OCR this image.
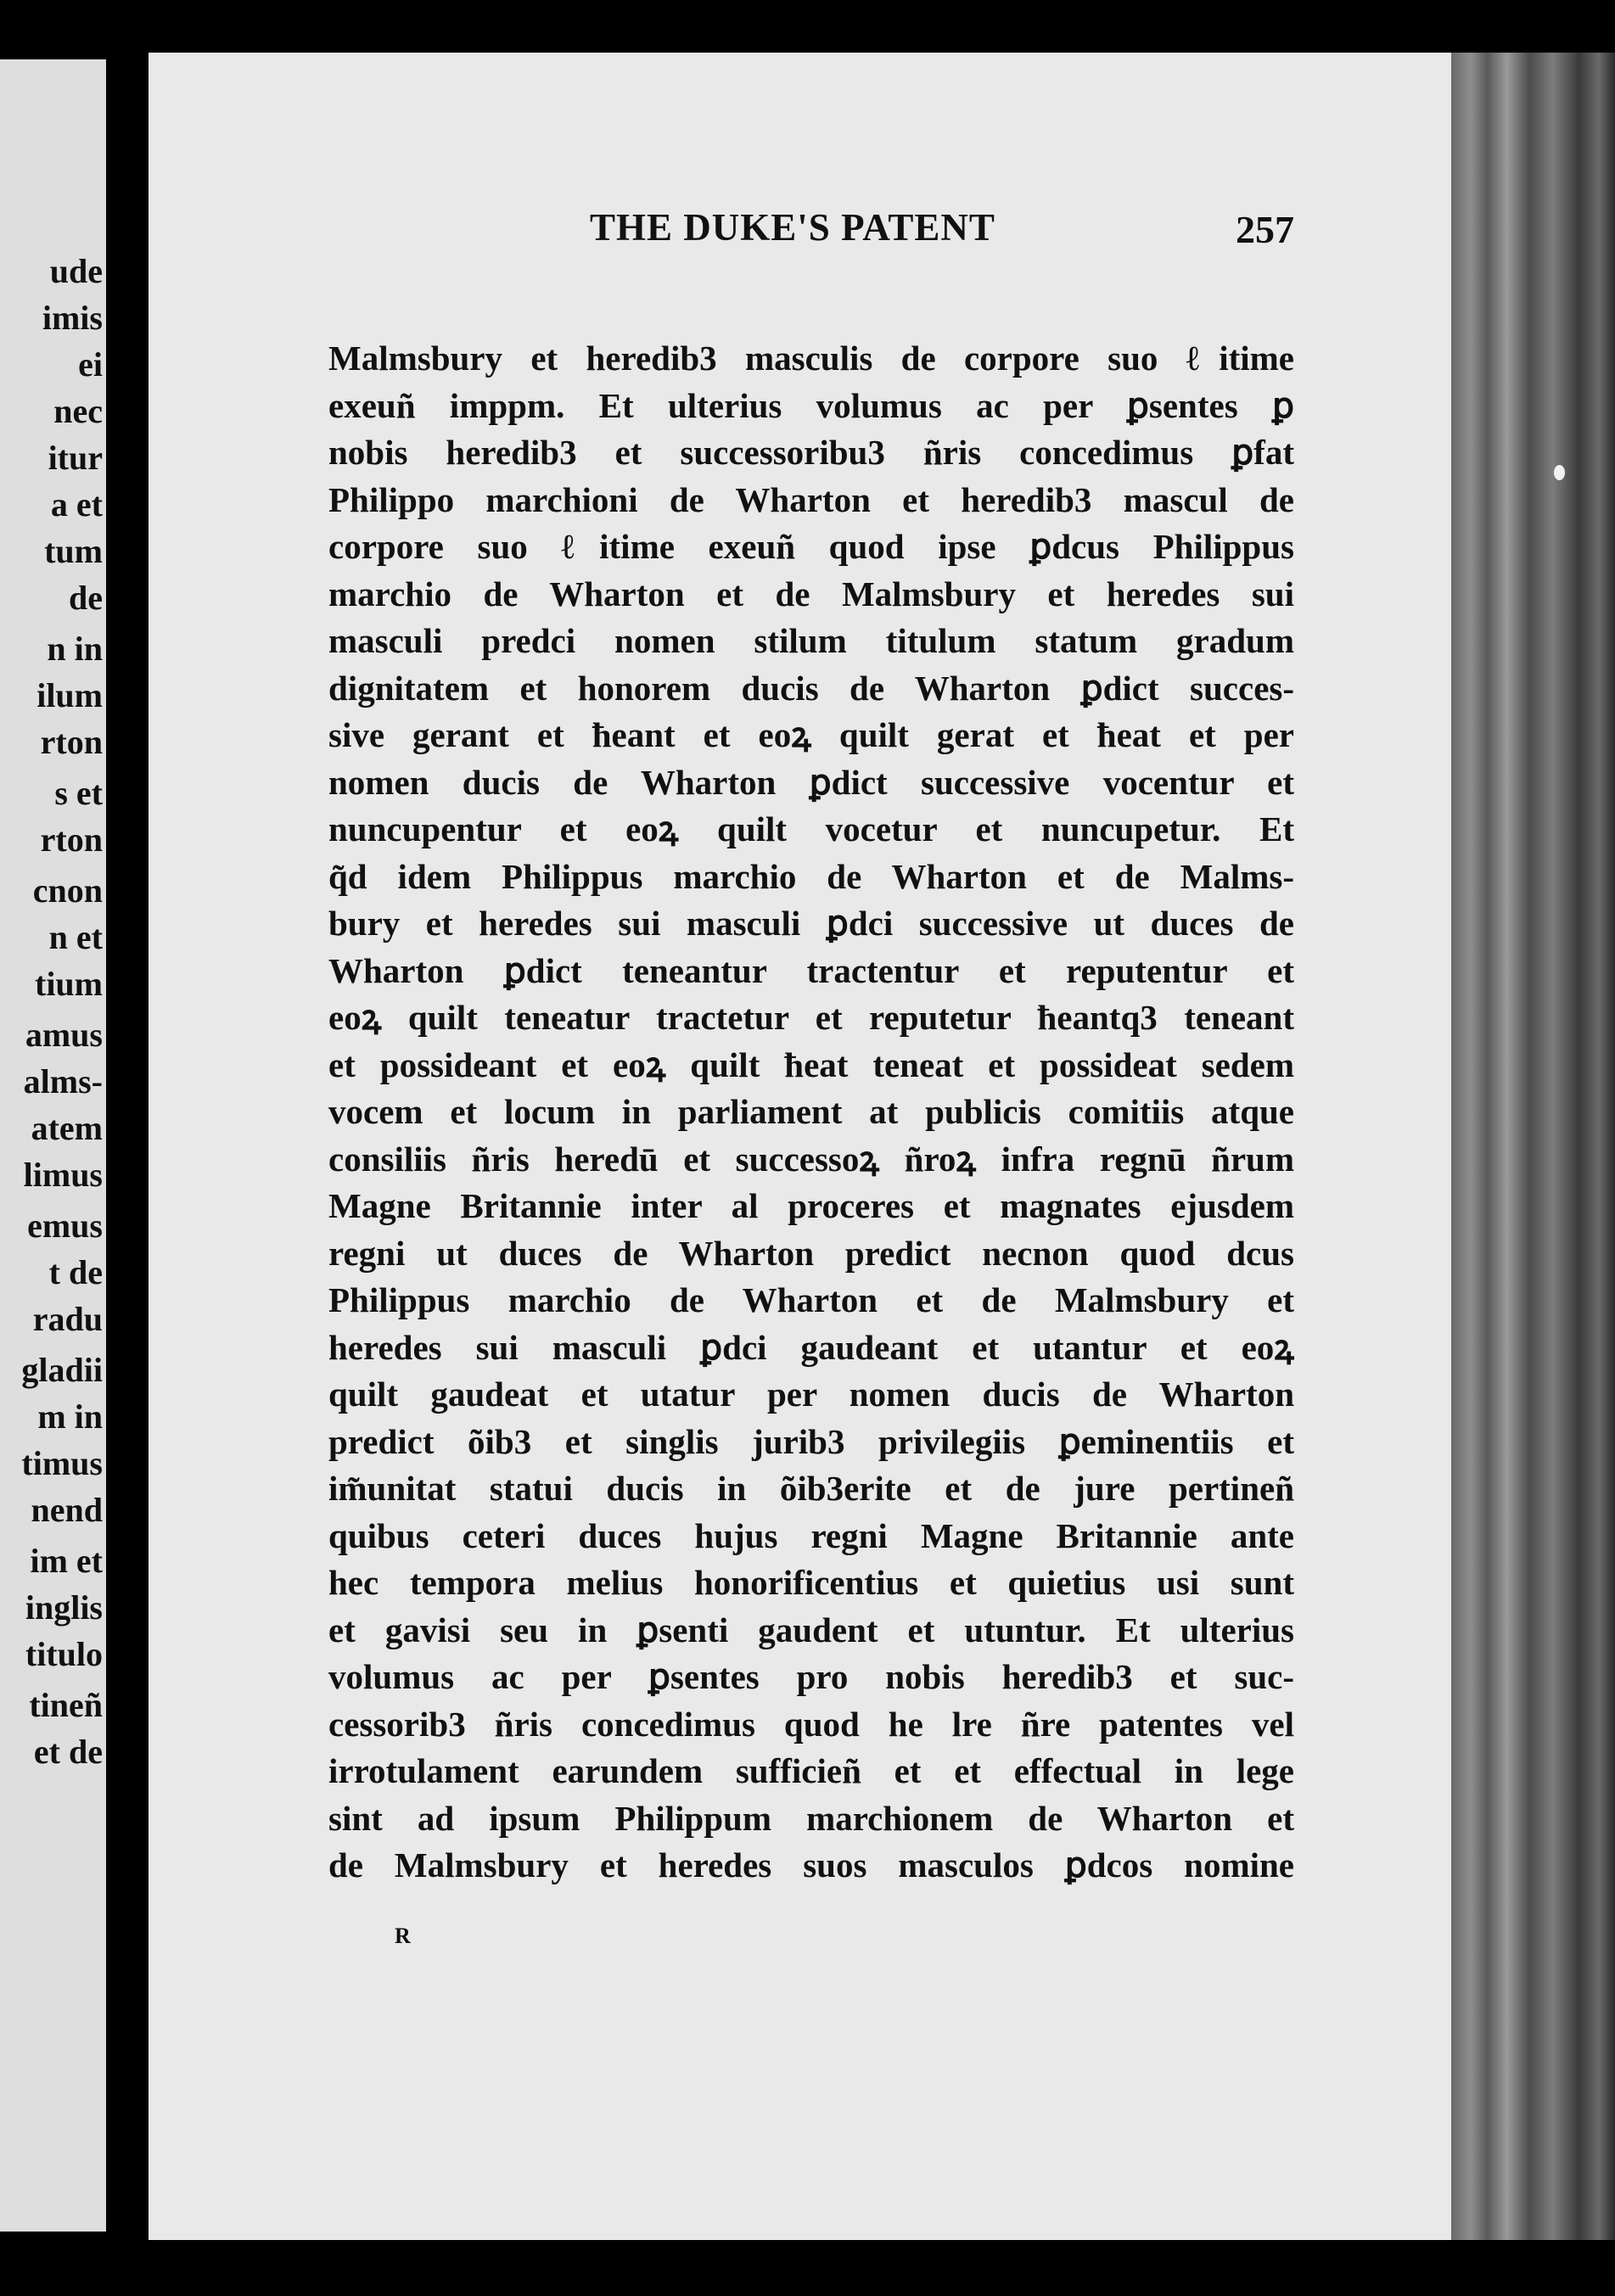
ude
imis
ei
nec
itur
a et
tum
de
n in
ilum
rton
s et
rton
cnon
n et
tium
amus
alms-
atem
limus
emus
t de
radu
gladii
m in
timus
nend
im et
inglis
titulo
tineñ
et de
THE DUKE'S PATENT	257
Malmsbury et heredib3 masculis de corpore suo ℓitime
exeuñ imppm. Et ulterius volumus ac per ꝑsentes ꝑ
nobis heredib3 et successoribu3 ñris concedimus ꝑfat
Philippo marchioni de Wharton et heredib3 mascul de
corpore suo ℓitime exeuñ quod ipse ꝑdcus Philippus
marchio de Wharton et de Malmsbury et heredes sui
masculi predci nomen stilum titulum statum gradum
dignitatem et honorem ducis de Wharton ꝑdict succes-
sive gerant et ħeant et eoꝝ quilt gerat et ħeat et per
nomen ducis de Wharton ꝑdict successive vocentur et
nuncupentur et eoꝝ quilt vocetur et nuncupetur. Et
q̃d idem Philippus marchio de Wharton et de Malms-
bury et heredes sui masculi ꝑdci successive ut duces de
Wharton ꝑdict teneantur tractentur et reputentur et
eoꝝ quilt teneatur tractetur et reputetur ħeantq3 teneant
et possideant et eoꝝ quilt ħeat teneat et possideat sedem
vocem et locum in parliament at publicis comitiis atque
consiliis ñris heredū et successoꝝ ñroꝝ infra regnū ñrum
Magne Britannie inter al proceres et magnates ejusdem
regni ut duces de Wharton predict necnon quod dcus
Philippus marchio de Wharton et de Malmsbury et
heredes sui masculi ꝑdci gaudeant et utantur et eoꝝ
quilt gaudeat et utatur per nomen ducis de Wharton
predict õib3 et singlis jurib3 privilegiis ꝑeminentiis et
im̃unitat statui ducis in õib3erite et de jure pertineñ
quibus ceteri duces hujus regni Magne Britannie ante
hec tempora melius honorificentius et quietius usi sunt
et gavisi seu in ꝑsenti gaudent et utuntur. Et ulterius
volumus ac per ꝑsentes pro nobis heredib3 et suc-
cessorib3 ñris concedimus quod he lre ñre patentes vel
irrotulament earundem sufficieñ et et effectual in lege
sint ad ipsum Philippum marchionem de Wharton et
de Malmsbury et heredes suos masculos ꝑdcos nomine
R
